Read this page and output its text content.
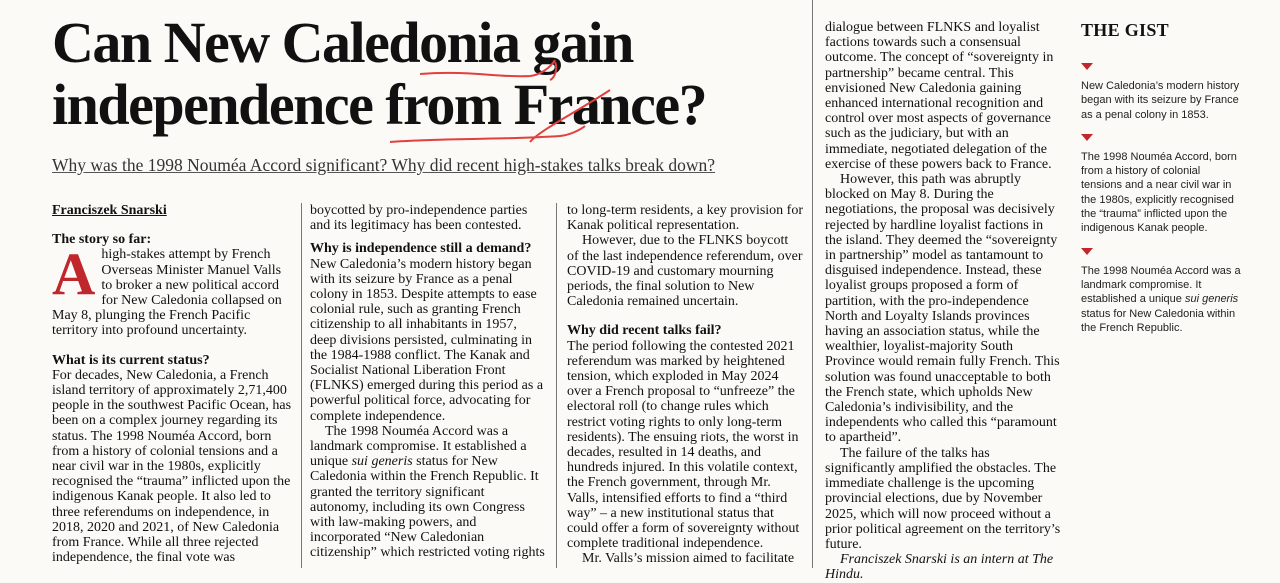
Can New Caledonia gain independence from France?

Why was the 1998 Nouméa Accord significant? Why did recent high-stakes talks break down?

Franciszek Snarski
The story so far:

Ahigh-stakes attempt by French Overseas Minister Manuel Valls to broker a new political accord for New Caledonia collapsed on May 8, plunging the French Pacific territory into profound uncertainty.

What is its current status?

For decades, New Caledonia, a French island territory of approximately 2,71,400 people in the southwest Pacific Ocean, has been on a complex journey regarding its status. The 1998 Nouméa Accord, born from a history of colonial tensions and a near civil war in the 1980s, explicitly recognised the “trauma” inflicted upon the indigenous Kanak people. It also led to three referendums on independence, in 2018, 2020 and 2021, of New Caledonia from France. While all three rejected independence, the final vote was

boycotted by pro-independence parties and its legitimacy has been contested.

Why is independence still a demand?

New Caledonia’s modern history began with its seizure by France as a penal colony in 1853. Despite attempts to ease colonial rule, such as granting French citizenship to all inhabitants in 1957, deep divisions persisted, culminating in the 1984-1988 conflict. The Kanak and Socialist National Liberation Front (FLNKS) emerged during this period as a powerful political force, advocating for complete independence.

The 1998 Nouméa Accord was a landmark compromise. It established a unique sui generis status for New Caledonia within the French Republic. It granted the territory significant autonomy, including its own Congress with law-making powers, and incorporated “New Caledonian citizenship” which restricted voting rights

to long-term residents, a key provision for Kanak political representation.

However, due to the FLNKS boycott of the last independence referendum, over COVID-19 and customary mourning periods, the final solution to New Caledonia remained uncertain.

Why did recent talks fail?

The period following the contested 2021 referendum was marked by heightened tension, which exploded in May 2024 over a French proposal to “unfreeze” the electoral roll (to change rules which restrict voting rights to only long-term residents). The ensuing riots, the worst in decades, resulted in 14 deaths, and hundreds injured. In this volatile context, the French government, through Mr. Valls, intensified efforts to find a “third way” – a new institutional status that could offer a form of sovereignty without complete traditional independence.

Mr. Valls’s mission aimed to facilitate

dialogue between FLNKS and loyalist factions towards such a consensual outcome. The concept of “sovereignty in partnership” became central. This envisioned New Caledonia gaining enhanced international recognition and control over most aspects of governance such as the judiciary, but with an immediate, negotiated delegation of the exercise of these powers back to France.

However, this path was abruptly blocked on May 8. During the negotiations, the proposal was decisively rejected by hardline loyalist factions in the island. They deemed the “sovereignty in partnership” model as tantamount to disguised independence. Instead, these loyalist groups proposed a form of partition, with the pro-independence North and Loyalty Islands provinces having an association status, while the wealthier, loyalist-majority South Province would remain fully French. This solution was found unacceptable to both the French state, which upholds New Caledonia’s indivisibility, and the independents who called this “paramount to apartheid”.

The failure of the talks has significantly amplified the obstacles. The immediate challenge is the upcoming provincial elections, due by November 2025, which will now proceed without a prior political agreement on the territory’s future.

Franciszek Snarski is an intern at The Hindu.

THE GIST

New Caledonia’s modern history began with its seizure by France as a penal colony in 1853.

The 1998 Nouméa Accord, born from a history of colonial tensions and a near civil war in the 1980s, explicitly recognised the “trauma” inflicted upon the indigenous Kanak people.

The 1998 Nouméa Accord was a landmark compromise. It established a unique sui generis status for New Caledonia within the French Republic.
